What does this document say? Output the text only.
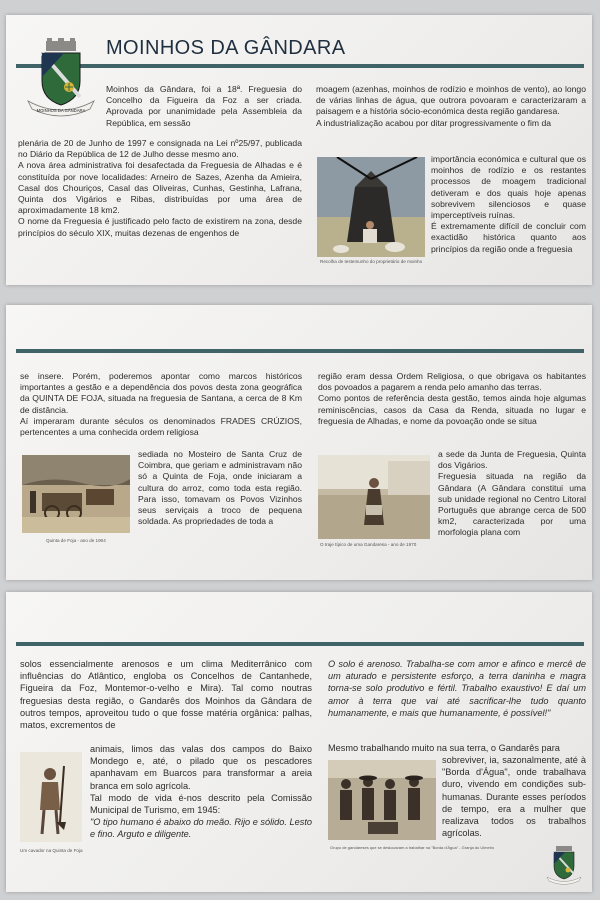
MOINHOS DA GÂNDARA
MOINHOS DA GÂNDARA

Moinhos da Gândara, foi a 18ª. Freguesia do Concelho da Figueira da Foz a ser criada. Aprovada por unanimidade pela Assembleia da República, em sessão

plenária de 20 de Junho de 1997 e consignada na Lei nº25/97, publicada no Diário da República de 12 de Julho desse mesmo ano.

A nova área administrativa foi desafectada da Freguesia de Alhadas e é constituída por nove localidades: Arneiro de Sazes, Azenha da Amieira, Casal dos Chouriços, Casal das Oliveiras, Cunhas, Gestinha, Lafrana, Quinta dos Vigários e Ribas, distribuídas por uma área de aproximadamente 18 km2.

O nome da Freguesia é justificado pelo facto de existirem na zona, desde princípios do século XIX, muitas dezenas de engenhos de

moagem (azenhas, moinhos de rodízio e moinhos de vento), ao longo de várias linhas de água, que outrora povoaram e caracterizaram a paisagem e a história sócio-económica desta região gandaresa.

A industrialização acabou por ditar progressivamente o fim da

Recolha de testemunho do proprietário de moinho

importância económica e cultural que os moinhos de rodízio e os restantes processos de moagem tradicional detiveram e dos quais hoje apenas sobrevivem silenciosos e quase imperceptíveis ruínas.

É extremamente difícil de concluir com exactidão histórica quanto aos princípios da região onde a freguesia

se insere. Porém, poderemos apontar como marcos históricos importantes a gestão e a dependência dos povos desta zona geográfica da QUINTA DE FOJA, situada na freguesia de Santana, a cerca de 8 Km de distância.

Aí imperaram durante séculos os denominados FRADES CRÚZIOS, pertencentes a uma conhecida ordem religiosa

Quinta de Foja - ano de 1904

sediada no Mosteiro de Santa Cruz de Coimbra, que geriam e administravam não só a Quinta de Foja, onde iniciaram a cultura do arroz, como toda esta região. Para isso, tomavam os Povos Vizinhos seus serviçais a troco de pequena soldada. As propriedades de toda a

região eram dessa Ordem Religiosa, o que obrigava os habitantes dos povoados a pagarem a renda pelo amanho das terras.

Como pontos de referência desta gestão, temos ainda hoje algumas reminiscências, casos da Casa da Renda, situada no lugar e freguesia de Alhadas, e nome da povoação onde se situa

O traje típico de uma Gandaresa - ano de 1970

a sede da Junta de Freguesia, Quinta dos Vigários.

Freguesia situada na região da Gândara (A Gândara constitui uma sub unidade regional no Centro Litoral Português que abrange cerca de 500 km2, caracterizada por uma morfologia plana com

solos essencialmente arenosos e um clima Mediterrânico com influências do Atlântico, engloba os Concelhos de Cantanhede, Figueira da Foz, Montemor-o-velho e Mira). Tal como noutras freguesias desta região, o Gandarês dos Moinhos da Gândara de outros tempos, aproveitou tudo o que fosse matéria orgânica: palhas, matos, excrementos de

Um cavador na Quinta de Foja

animais, limos das valas dos campos do Baixo Mondego e, até, o pilado que os pescadores apanhavam em Buarcos para transformar a areia branca em solo agrícola.

Tal modo de vida é-nos descrito pela Comissão Municipal de Turismo, em 1945:

"O tipo humano é abaixo do meão. Rijo e sólido. Lesto e fino. Arguto e diligente.

O solo é arenoso. Trabalha-se com amor e afinco e mercê de um aturado e persistente esforço, a terra daninha e magra torna-se solo produtivo e fértil. Trabalho exaustivo! E daí um amor à terra que vai até sacrificar-lhe tudo quanto humanamente, e mais que humanamente, é possível!"

Mesmo trabalhando muito na sua terra, o Gandarês para

Grupo de gandareses que se deslocavam a trabalhar na "Borda d'Água" - Granja do Ulmeiro

sobreviver, ia, sazonalmente, até à "Borda d'Água", onde trabalhava duro, vivendo em condições sub-humanas. Durante esses períodos de tempo, era a mulher que realizava todos os trabalhos agrícolas.
